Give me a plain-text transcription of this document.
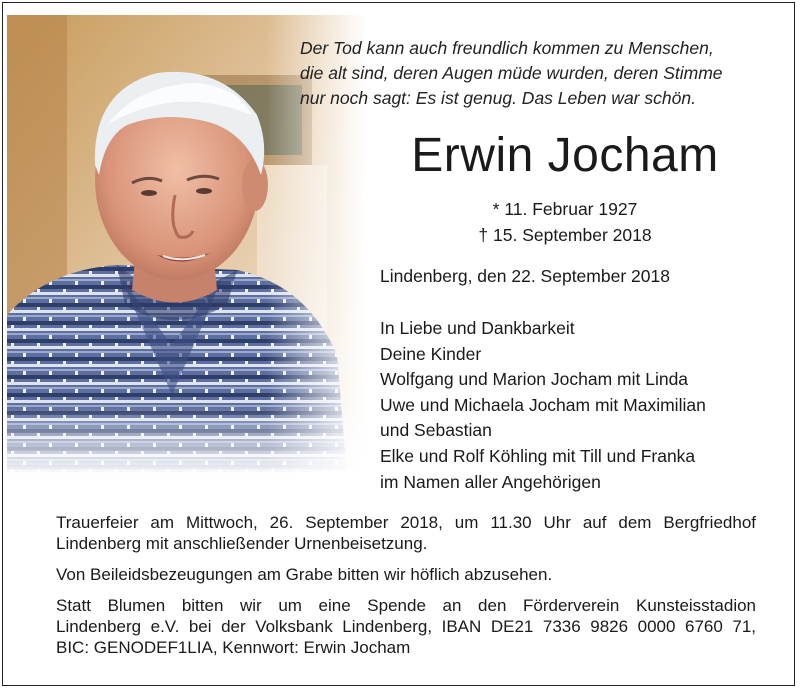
Der Tod kann auch freundlich kommen zu Menschen,
die alt sind, deren Augen müde wurden, deren Stimme
nur noch sagt: Es ist genug. Das Leben war schön.
Erwin Jocham
* 11. Februar 1927
† 15. September 2018
Lindenberg, den 22. September 2018
In Liebe und Dankbarkeit
Deine Kinder
Wolfgang und Marion Jocham mit Linda
Uwe und Michaela Jocham mit Maximilian
und Sebastian
Elke und Rolf Köhling mit Till und Franka
im Namen aller Angehörigen

Trauerfeier am Mittwoch, 26. September 2018, um 11.30 Uhr auf dem Bergfriedhof
Lindenberg mit anschließender Urnenbeisetzung.

Von Beileidsbezeugungen am Grabe bitten wir höflich abzusehen.

Statt Blumen bitten wir um eine Spende an den Förderverein Kunsteisstadion
Lindenberg e.V. bei der Volksbank Lindenberg, IBAN DE21 7336 9826 0000 6760 71,
BIC: GENODEF1LIA, Kennwort: Erwin Jocham
